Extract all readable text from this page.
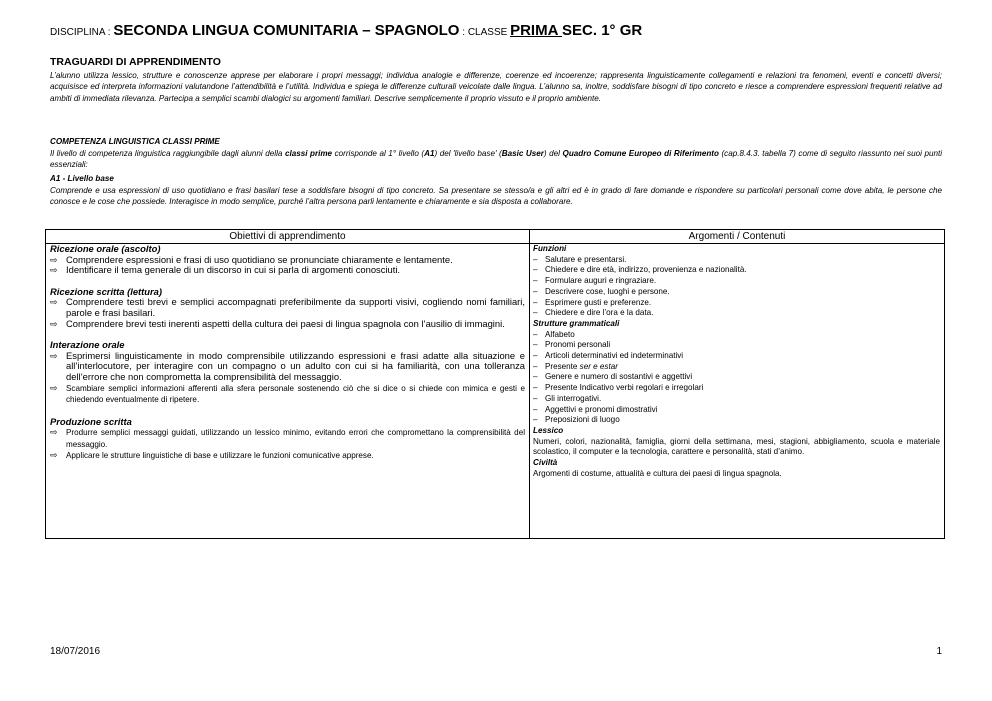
DISCIPLINA : SECONDA LINGUA COMUNITARIA – SPAGNOLO : CLASSE PRIMA SEC. 1° GR
TRAGUARDI DI APPRENDIMENTO
L’alunno utilizza lessico, strutture e conoscenze apprese per elaborare i propri messaggi; individua analogie e differenze, coerenze ed incoerenze; rappresenta linguisticamente collegamenti e relazioni tra fenomeni, eventi e concetti diversi; acquisisce ed interpreta informazioni valutandone l’attendibilità e l’utilità. Individua e spiega le differenze culturali veicolate dalle lingua. L’alunno sa, inoltre, soddisfare bisogni di tipo concreto e riesce a comprendere espressioni frequenti relative ad ambiti di immediata rilevanza. Partecipa a semplici scambi dialogici su argomenti familiari. Descrive semplicemente il proprio vissuto e il proprio ambiente.
COMPETENZA LINGUISTICA CLASSI PRIME
Il livello di competenza linguistica raggiungibile dagli alunni della classi prime corrisponde al 1° livello (A1) del 'livello base' (Basic User) del Quadro Comune Europeo di Riferimento (cap.8.4.3. tabella 7) come di seguito riassunto nei suoi punti essenziali:
A1 - Livello base
Comprende e usa espressioni di uso quotidiano e frasi basilari tese a soddisfare bisogni di tipo concreto. Sa presentare se stesso/a e gli altri ed è in grado di fare domande e rispondere su particolari personali come dove abita, le persone che conosce e le cose che possiede. Interagisce in modo semplice, purché l’altra persona parli lentamente e chiaramente e sia disposta a collaborare.
Obiettivi di apprendimento
Ricezione orale (ascolto)
⇨ Comprendere espressioni e frasi di uso quotidiano se pronunciate chiaramente e lentamente.
⇨ Identificare il tema generale di un discorso in cui si parla di argomenti conosciuti.
Ricezione scritta (lettura)
⇨ Comprendere testi brevi e semplici accompagnati preferibilmente da supporti visivi, cogliendo nomi familiari, parole e frasi basilari.
⇨ Comprendere brevi testi inerenti aspetti della cultura dei paesi di lingua spagnola con l’ausilio di immagini.
Interazione orale
⇨ Esprimersi linguisticamente in modo comprensibile utilizzando espressioni e frasi adatte alla situazione e all’interlocutore, per interagire con un compagno o un adulto con cui si ha familiarità, con una tolleranza dell’errore che non comprometta la comprensibilità del messaggio.
⇨	Scambiare semplici informazioni afferenti alla sfera personale sostenendo ciò che si dice o si chiede con mimica e gesti e chiedendo eventualmente di ripetere.
Produzione scritta
⇨	Produrre semplici messaggi guidati, utilizzando un lessico minimo, evitando errori che compromettano la comprensibilità del messaggio.
⇨	Applicare le strutture linguistiche di base e utilizzare le funzioni comunicative apprese.
Argomenti / Contenuti
Funzioni
– Salutare e presentarsi.
– Chiedere e dire età, indirizzo, provenienza e nazionalità.
– Formulare auguri e ringraziare.
– Descrivere cose, luoghi e persone.
– Esprimere gusti e preferenze.
– Chiedere e dire l’ora e la data.
Strutture grammaticali
– Alfabeto
– Pronomi personali
– Articoli determinativi ed indeterminativi
– Presente ser e estar
– Genere e numero di sostantivi e aggettivi
– Presente Indicativo verbi regolari e irregolari
– Gli interrogativi.
– Aggettivi e pronomi dimostrativi
– Preposizioni di luogo
Lessico
Numeri, colori, nazionalità, famiglia, giorni della settimana, mesi, stagioni, abbigliamento, scuola e materiale scolastico, il computer e la tecnologia, carattere e personalità, stati d’animo.
Civiltà
Argomenti di costume, attualità e cultura dei paesi di lingua spagnola.
18/07/2016	1
